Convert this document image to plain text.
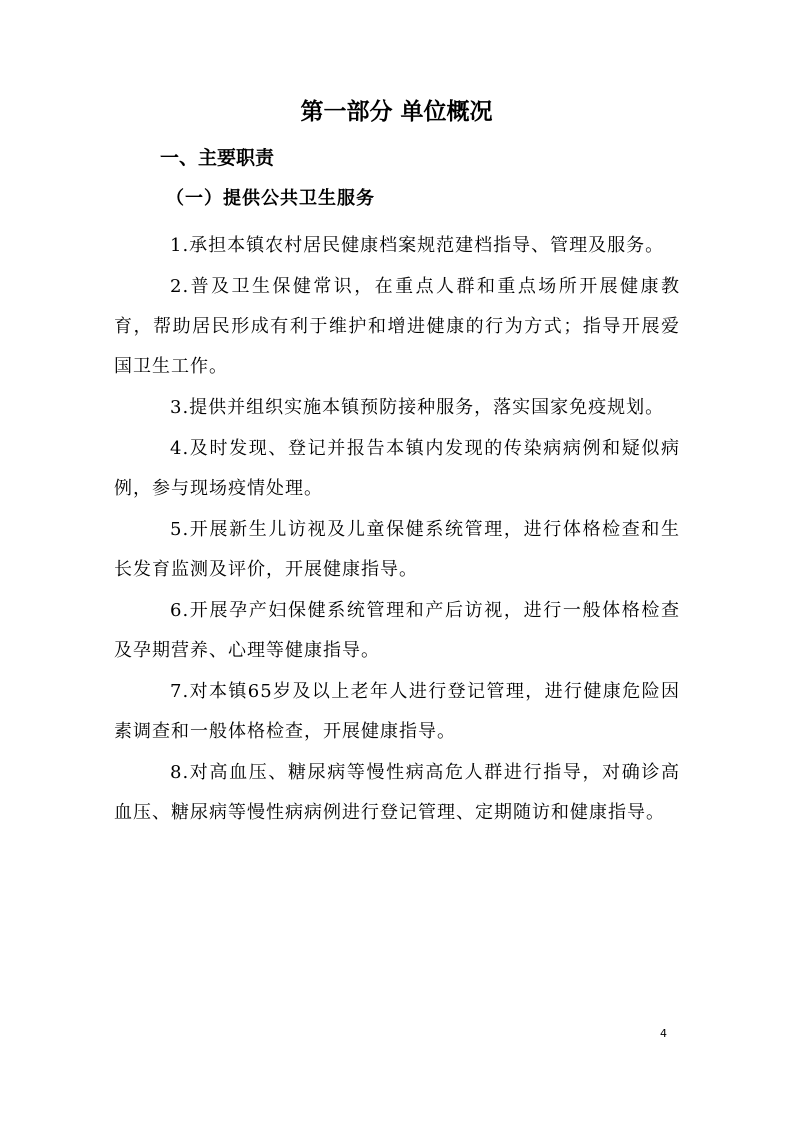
第一部分 单位概况
一、主要职责
（一）提供公共卫生服务

1.承担本镇农村居民健康档案规范建档指导、管理及服务。

2.普及卫生保健常识，在重点人群和重点场所开展健康教育，帮助居民形成有利于维护和增进健康的行为方式；指导开展爱国卫生工作。

3.提供并组织实施本镇预防接种服务，落实国家免疫规划。

4.及时发现、登记并报告本镇内发现的传染病病例和疑似病例，参与现场疫情处理。

5.开展新生儿访视及儿童保健系统管理，进行体格检查和生长发育监测及评价，开展健康指导。

6.开展孕产妇保健系统管理和产后访视，进行一般体格检查及孕期营养、心理等健康指导。

7.对本镇65岁及以上老年人进行登记管理，进行健康危险因素调查和一般体格检查，开展健康指导。

8.对高血压、糖尿病等慢性病高危人群进行指导，对确诊高血压、糖尿病等慢性病病例进行登记管理、定期随访和健康指导。

4
